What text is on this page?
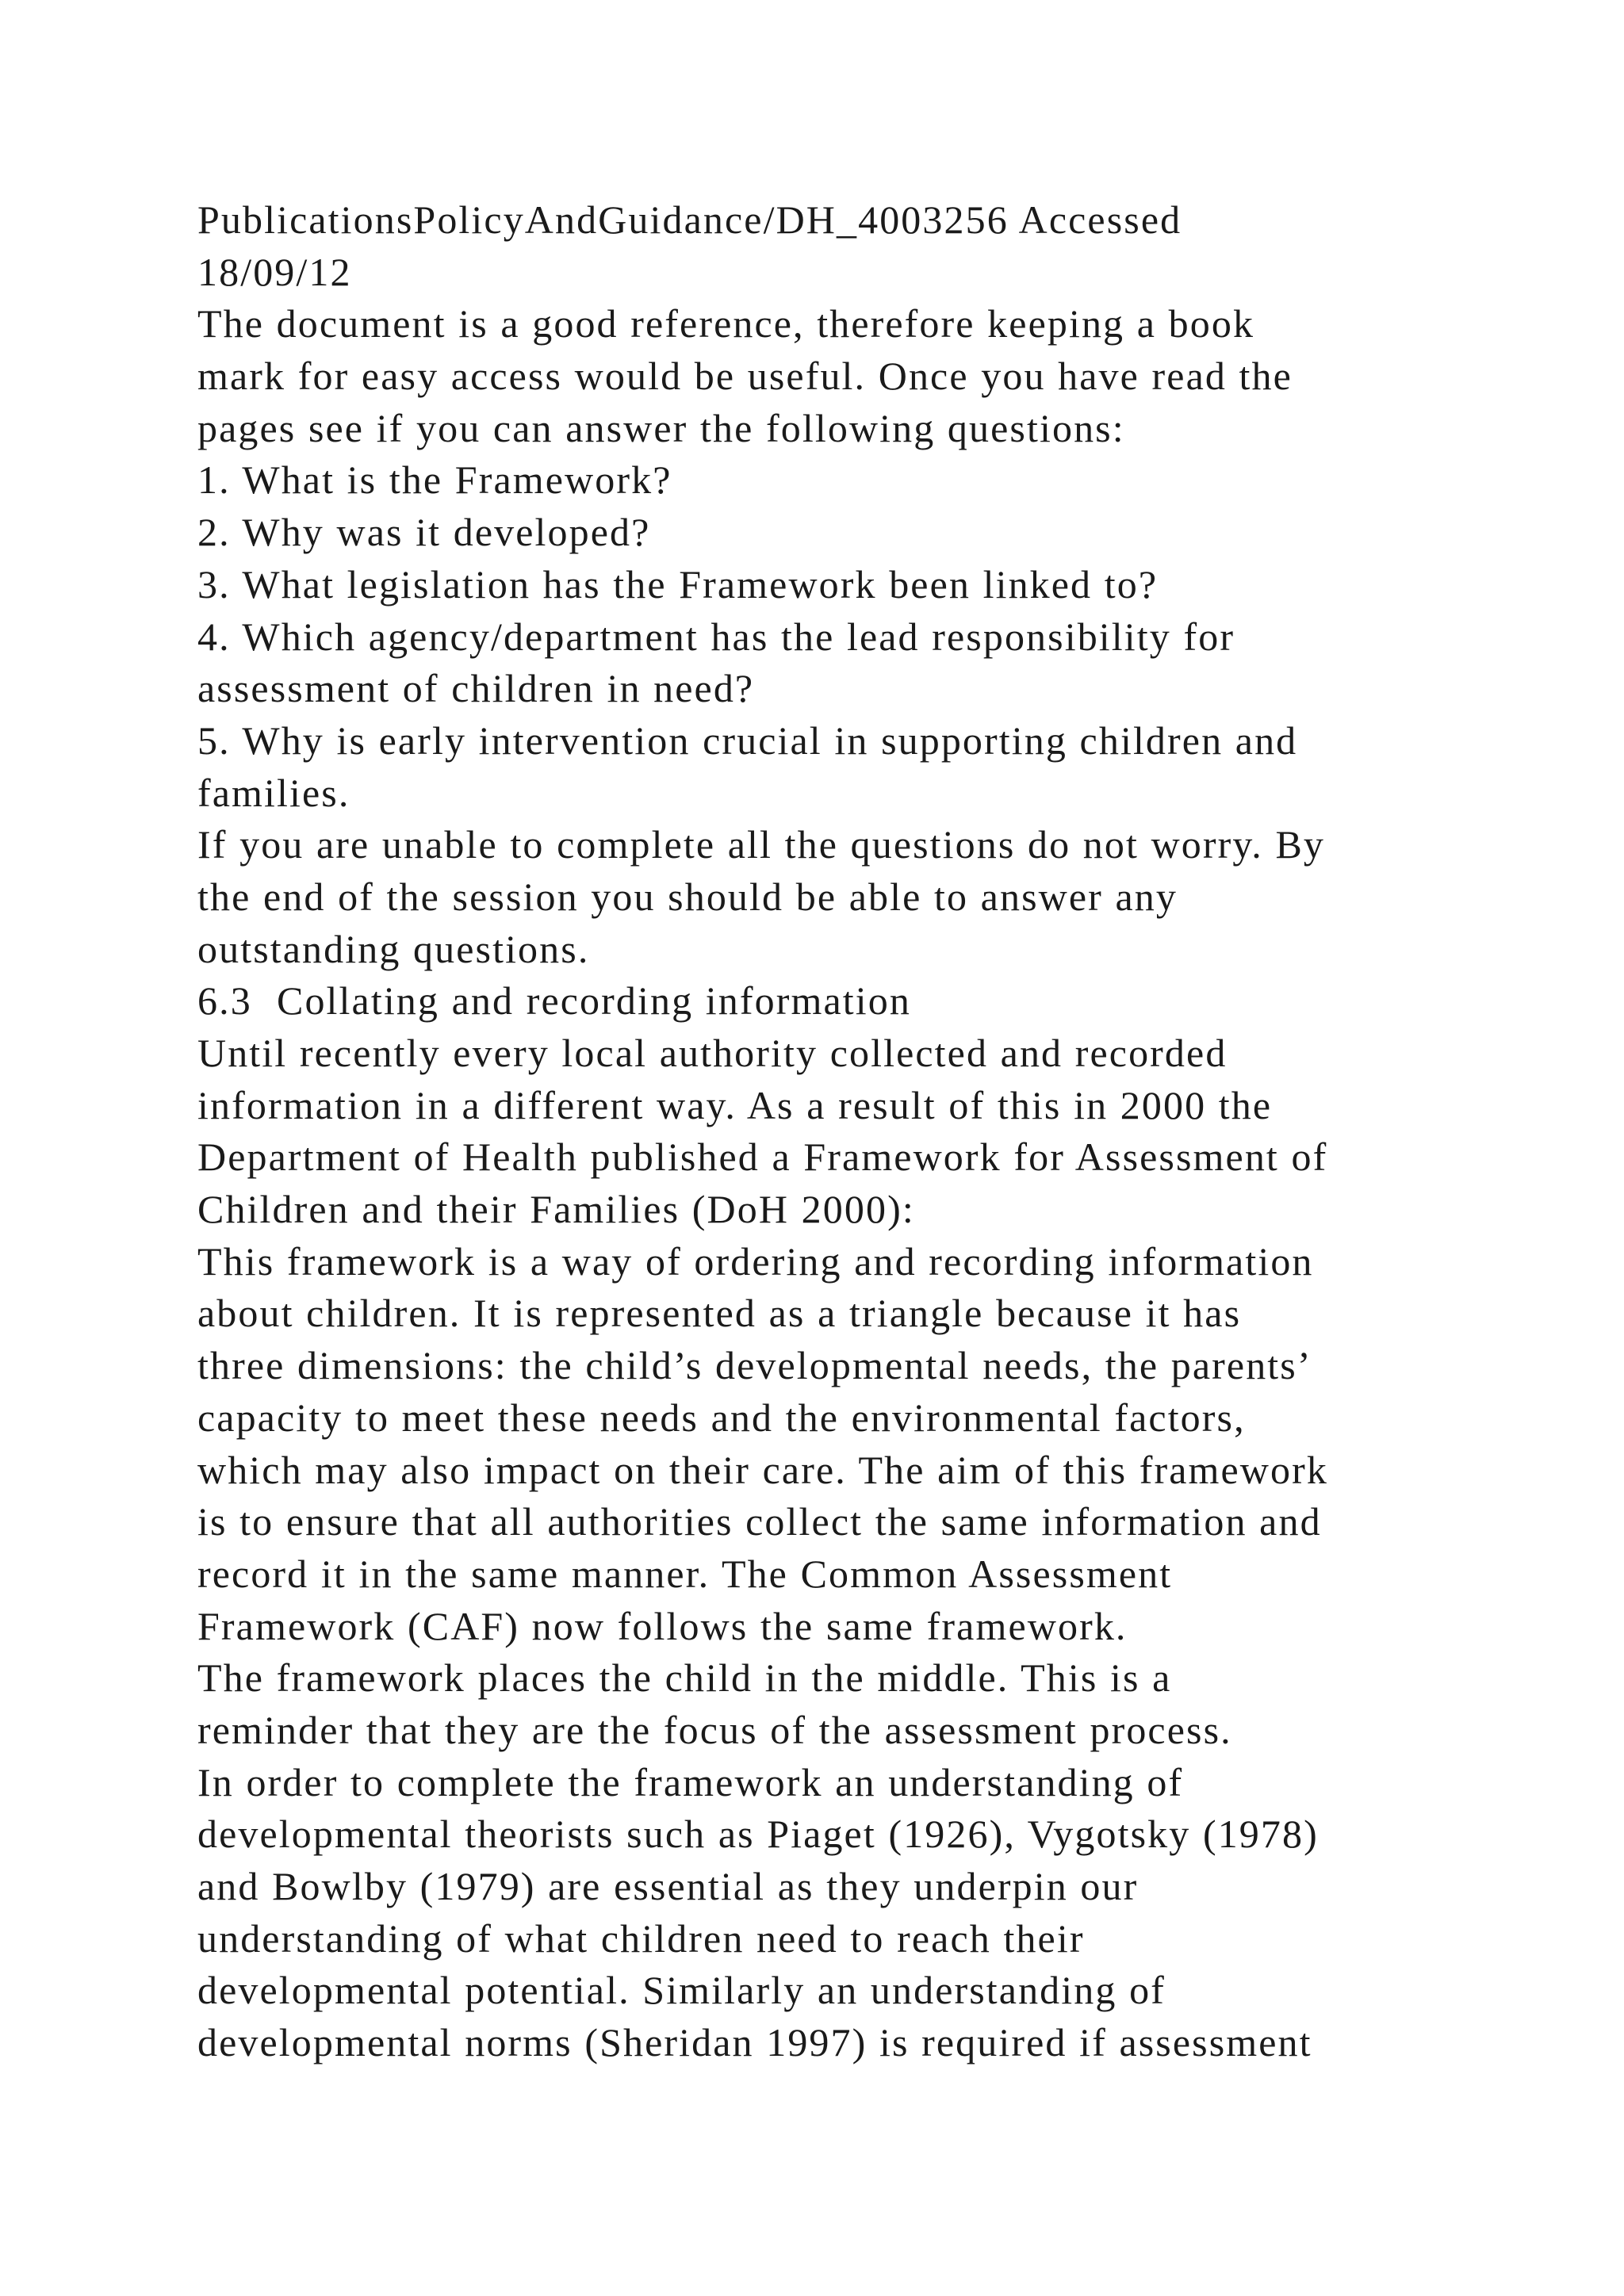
PublicationsPolicyAndGuidance/DH_4003256 Accessed
18/09/12
The document is a good reference, therefore keeping a book
mark for easy access would be useful. Once you have read the
pages see if you can answer the following questions:
1. What is the Framework?
2. Why was it developed?
3. What legislation has the Framework been linked to?
4. Which agency/department has the lead responsibility for
assessment of children in need?
5. Why is early intervention crucial in supporting children and
families.
If you are unable to complete all the questions do not worry. By
the end of the session you should be able to answer any
outstanding questions.
6.3  Collating and recording information
Until recently every local authority collected and recorded
information in a different way. As a result of this in 2000 the
Department of Health published a Framework for Assessment of
Children and their Families (DoH 2000):
This framework is a way of ordering and recording information
about children. It is represented as a triangle because it has
three dimensions: the child’s developmental needs, the parents’
capacity to meet these needs and the environmental factors,
which may also impact on their care. The aim of this framework
is to ensure that all authorities collect the same information and
record it in the same manner. The Common Assessment
Framework (CAF) now follows the same framework.
The framework places the child in the middle. This is a
reminder that they are the focus of the assessment process.
In order to complete the framework an understanding of
developmental theorists such as Piaget (1926), Vygotsky (1978)
and Bowlby (1979) are essential as they underpin our
understanding of what children need to reach their
developmental potential. Similarly an understanding of
developmental norms (Sheridan 1997) is required if assessment
